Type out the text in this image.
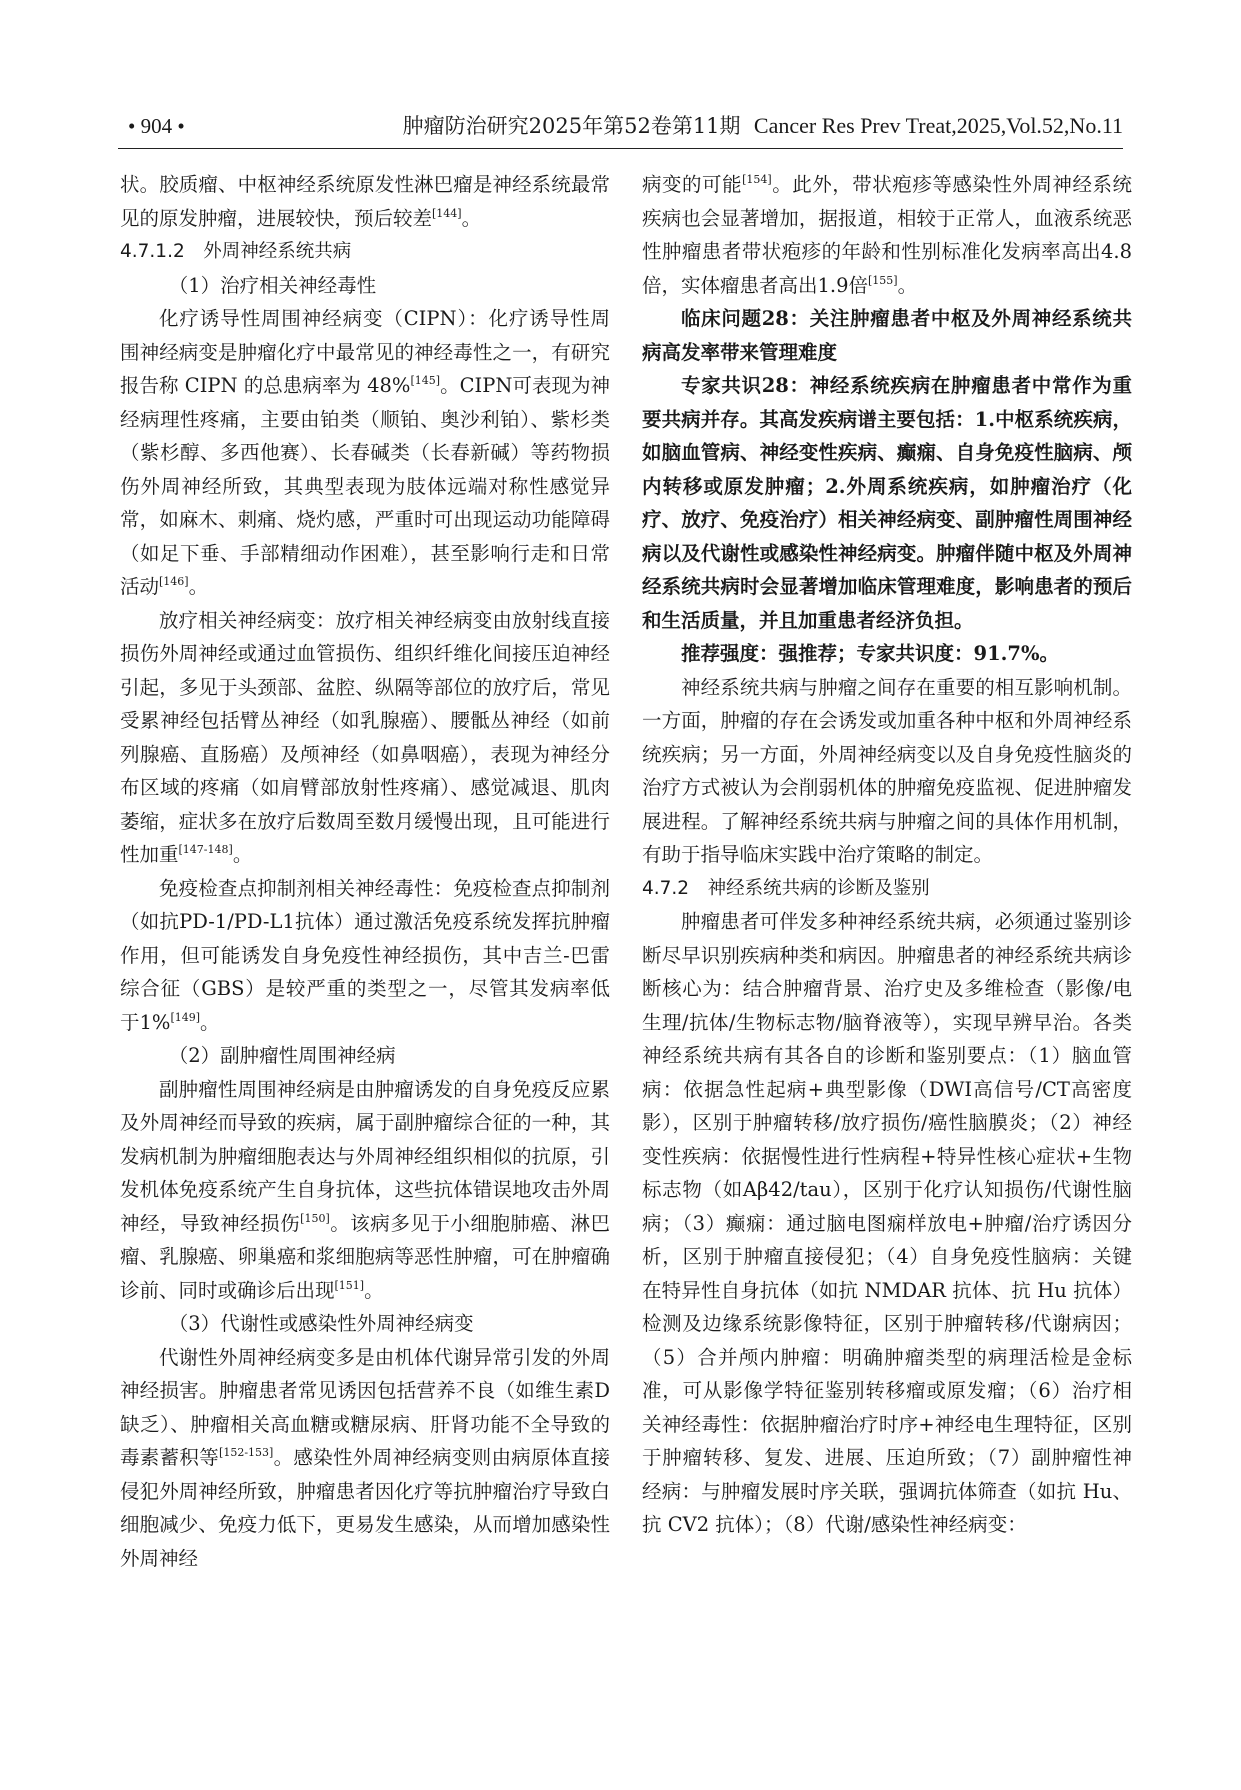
• 904 •	肿瘤防治研究2025年第52卷第11期 Cancer Res Prev Treat,2025,Vol.52,No.11

状。胶质瘤、中枢神经系统原发性淋巴瘤是神经系统最常见的原发肿瘤，进展较快，预后较差[144]。

4.7.1.2　外周神经系统共病

（1）治疗相关神经毒性

化疗诱导性周围神经病变（CIPN）：化疗诱导性周围神经病变是肿瘤化疗中最常见的神经毒性之一，有研究报告称 CIPN 的总患病率为 48%[145]。CIPN可表现为神经病理性疼痛，主要由铂类（顺铂、奥沙利铂）、紫杉类（紫杉醇、多西他赛）、长春碱类（长春新碱）等药物损伤外周神经所致，其典型表现为肢体远端对称性感觉异常，如麻木、刺痛、烧灼感，严重时可出现运动功能障碍（如足下垂、手部精细动作困难），甚至影响行走和日常活动[146]。

放疗相关神经病变：放疗相关神经病变由放射线直接损伤外周神经或通过血管损伤、组织纤维化间接压迫神经引起，多见于头颈部、盆腔、纵隔等部位的放疗后，常见受累神经包括臂丛神经（如乳腺癌）、腰骶丛神经（如前列腺癌、直肠癌）及颅神经（如鼻咽癌），表现为神经分布区域的疼痛（如肩臂部放射性疼痛）、感觉减退、肌肉萎缩，症状多在放疗后数周至数月缓慢出现，且可能进行性加重[147-148]。

免疫检查点抑制剂相关神经毒性：免疫检查点抑制剂（如抗PD-1/PD-L1抗体）通过激活免疫系统发挥抗肿瘤作用，但可能诱发自身免疫性神经损伤，其中吉兰-巴雷综合征（GBS）是较严重的类型之一，尽管其发病率低于1%[149]。

（2）副肿瘤性周围神经病

副肿瘤性周围神经病是由肿瘤诱发的自身免疫反应累及外周神经而导致的疾病，属于副肿瘤综合征的一种，其发病机制为肿瘤细胞表达与外周神经组织相似的抗原，引发机体免疫系统产生自身抗体，这些抗体错误地攻击外周神经，导致神经损伤[150]。该病多见于小细胞肺癌、淋巴瘤、乳腺癌、卵巢癌和浆细胞病等恶性肿瘤，可在肿瘤确诊前、同时或确诊后出现[151]。

（3）代谢性或感染性外周神经病变

代谢性外周神经病变多是由机体代谢异常引发的外周神经损害。肿瘤患者常见诱因包括营养不良（如维生素D缺乏）、肿瘤相关高血糖或糖尿病、肝肾功能不全导致的毒素蓄积等[152-153]。感染性外周神经病变则由病原体直接侵犯外周神经所致，肿瘤患者因化疗等抗肿瘤治疗导致白细胞减少、免疫力低下，更易发生感染，从而增加感染性外周神经

病变的可能[154]。此外，带状疱疹等感染性外周神经系统疾病也会显著增加，据报道，相较于正常人，血液系统恶性肿瘤患者带状疱疹的年龄和性别标准化发病率高出4.8倍，实体瘤患者高出1.9倍[155]。

临床问题28：关注肿瘤患者中枢及外周神经系统共病高发率带来管理难度

专家共识28：神经系统疾病在肿瘤患者中常作为重要共病并存。其高发疾病谱主要包括：1.中枢系统疾病，如脑血管病、神经变性疾病、癫痫、自身免疫性脑病、颅内转移或原发肿瘤；2.外周系统疾病，如肿瘤治疗（化疗、放疗、免疫治疗）相关神经病变、副肿瘤性周围神经病以及代谢性或感染性神经病变。肿瘤伴随中枢及外周神经系统共病时会显著增加临床管理难度，影响患者的预后和生活质量，并且加重患者经济负担。

推荐强度：强推荐；专家共识度：91.7%。

神经系统共病与肿瘤之间存在重要的相互影响机制。一方面，肿瘤的存在会诱发或加重各种中枢和外周神经系统疾病；另一方面，外周神经病变以及自身免疫性脑炎的治疗方式被认为会削弱机体的肿瘤免疫监视、促进肿瘤发展进程。了解神经系统共病与肿瘤之间的具体作用机制，有助于指导临床实践中治疗策略的制定。

4.7.2　神经系统共病的诊断及鉴别

肿瘤患者可伴发多种神经系统共病，必须通过鉴别诊断尽早识别疾病种类和病因。肿瘤患者的神经系统共病诊断核心为：结合肿瘤背景、治疗史及多维检查（影像/电生理/抗体/生物标志物/脑脊液等），实现早辨早治。各类神经系统共病有其各自的诊断和鉴别要点：（1）脑血管病：依据急性起病+典型影像（DWI高信号/CT高密度影），区别于肿瘤转移/放疗损伤/癌性脑膜炎；（2）神经变性疾病：依据慢性进行性病程+特异性核心症状+生物标志物（如Aβ42/tau），区别于化疗认知损伤/代谢性脑病；（3）癫痫：通过脑电图痫样放电+肿瘤/治疗诱因分析，区别于肿瘤直接侵犯；（4）自身免疫性脑病：关键在特异性自身抗体（如抗 NMDAR 抗体、抗 Hu 抗体）检测及边缘系统影像特征，区别于肿瘤转移/代谢病因；（5）合并颅内肿瘤：明确肿瘤类型的病理活检是金标准，可从影像学特征鉴别转移瘤或原发瘤；（6）治疗相关神经毒性：依据肿瘤治疗时序+神经电生理特征，区别于肿瘤转移、复发、进展、压迫所致；（7）副肿瘤性神经病：与肿瘤发展时序关联，强调抗体筛查（如抗 Hu、抗 CV2 抗体）；（8）代谢/感染性神经病变：
